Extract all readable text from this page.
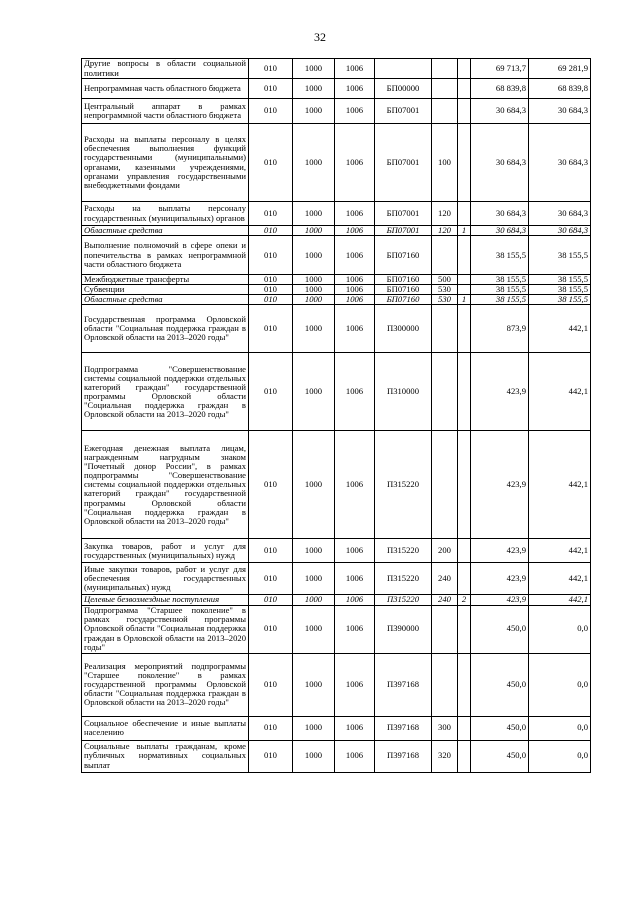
32
Другие вопросы в области социальной политики	010	1000	1006				69 713,7	69 281,9
Непрограммная часть областного бюджета	010	1000	1006	БП00000			68 839,8	68 839,8
Центральный аппарат в рамках непрограммной части областного бюджета	010	1000	1006	БП07001			30 684,3	30 684,3
Расходы на выплаты персоналу в целях обеспечения выполнения функций государственными (муниципальными) органами, казенными учреждениями, органами управления государственными внебюджетными фондами	010	1000	1006	БП07001	100		30 684,3	30 684,3
Расходы на выплаты персоналу государственных (муниципальных) органов	010	1000	1006	БП07001	120		30 684,3	30 684,3
Областные средства	010	1000	1006	БП07001	120	1	30 684,3	30 684,3
Выполнение полномочий в сфере опеки и попечительства в рамках непрограммной части областного бюджета	010	1000	1006	БП07160			38 155,5	38 155,5
Межбюджетные трансферты	010	1000	1006	БП07160	500		38 155,5	38 155,5
Субвенции	010	1000	1006	БП07160	530		38 155,5	38 155,5
Областные средства	010	1000	1006	БП07160	530	1	38 155,5	38 155,5
Государственная программа Орловской области "Социальная поддержка граждан в Орловской области на 2013–2020 годы"	010	1000	1006	П300000			873,9	442,1
Подпрограмма "Совершенствование системы социальной поддержки отдельных категорий граждан" государственной программы Орловской области "Социальная поддержка граждан в Орловской области на 2013–2020 годы"	010	1000	1006	П310000			423,9	442,1
Ежегодная денежная выплата лицам, награжденным нагрудным знаком "Почетный донор России", в рамках подпрограммы "Совершенствование системы социальной поддержки отдельных категорий граждан" государственной программы Орловской области "Социальная поддержка граждан в Орловской области на 2013–2020 годы"	010	1000	1006	П315220			423,9	442,1
Закупка товаров, работ и услуг для государственных (муниципальных) нужд	010	1000	1006	П315220	200		423,9	442,1
Иные закупки товаров, работ и услуг для обеспечения государственных (муниципальных) нужд	010	1000	1006	П315220	240		423,9	442,1
Целевые безвозмездные поступления	010	1000	1006	П315220	240	2	423,9	442,1
Подпрограмма "Старшее поколение" в рамках государственной программы Орловской области "Социальная поддержка граждан в Орловской области на 2013–2020 годы"	010	1000	1006	П390000			450,0	0,0
Реализация мероприятий подпрограммы "Старшее поколение" в рамках государственной программы Орловской области "Социальная поддержка граждан в Орловской области на 2013–2020 годы"	010	1000	1006	П397168			450,0	0,0
Социальное обеспечение и иные выплаты населению	010	1000	1006	П397168	300		450,0	0,0
Социальные выплаты гражданам, кроме публичных нормативных социальных выплат	010	1000	1006	П397168	320		450,0	0,0
